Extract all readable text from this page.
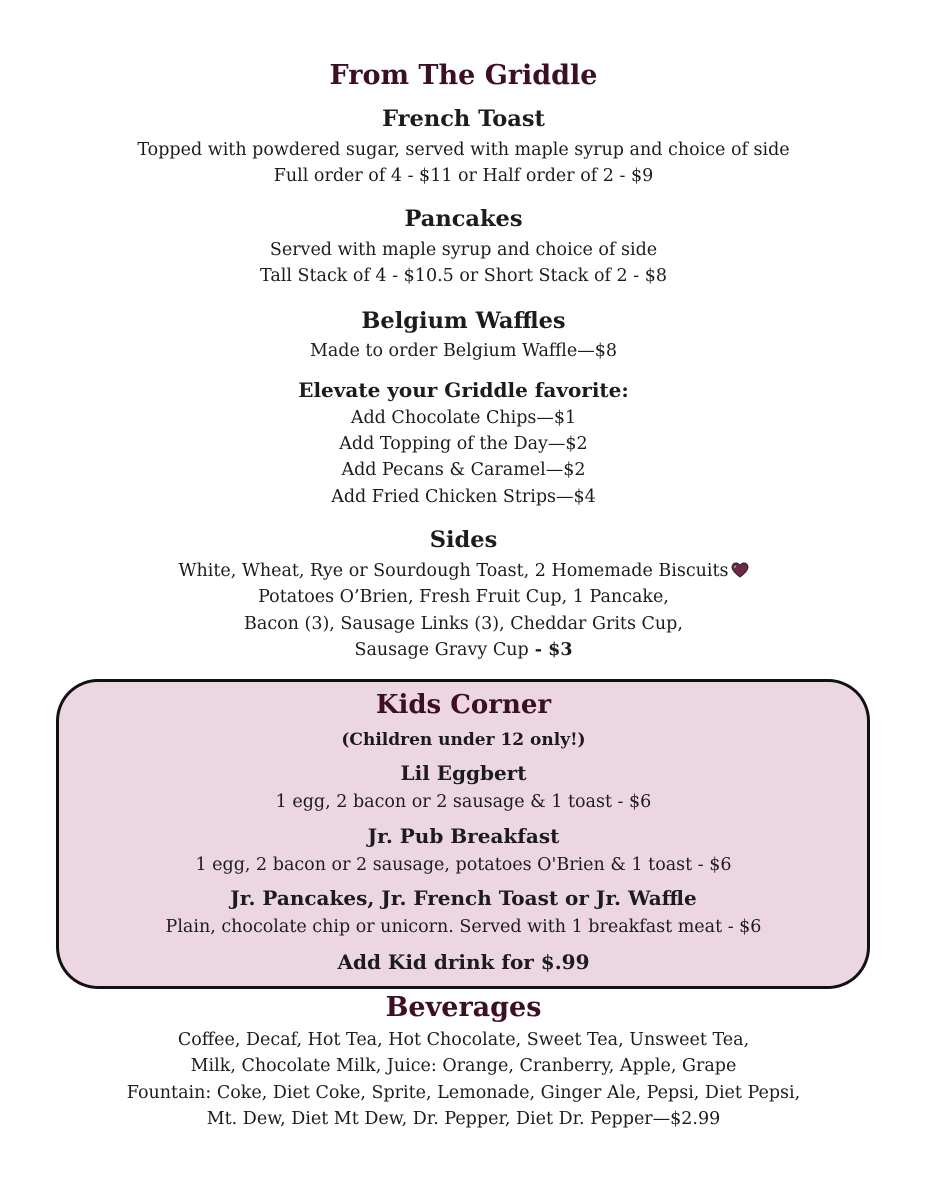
From The Griddle
French Toast
Topped with powdered sugar, served with maple syrup and choice of side
Full order of 4 - $11 or Half order of 2 - $9
Pancakes
Served with maple syrup and choice of side
Tall Stack of 4 - $10.5 or Short Stack of 2 - $8
Belgium Waffles
Made to order Belgium Waffle—$8
Elevate your Griddle favorite:
Add Chocolate Chips—$1
Add Topping of the Day—$2
Add Pecans & Caramel—$2
Add Fried Chicken Strips—$4
Sides
White, Wheat, Rye or Sourdough Toast, 2 Homemade Biscuits
Potatoes O’Brien, Fresh Fruit Cup, 1 Pancake,
Bacon (3), Sausage Links (3), Cheddar Grits Cup,
Sausage Gravy Cup - $3
Kids Corner
(Children under 12 only!)
Lil Eggbert
1 egg, 2 bacon or 2 sausage & 1 toast - $6
Jr. Pub Breakfast
1 egg, 2 bacon or 2 sausage, potatoes O'Brien & 1 toast - $6
Jr. Pancakes, Jr. French Toast or Jr. Waffle
Plain, chocolate chip or unicorn. Served with 1 breakfast meat - $6
Add Kid drink for $.99
Beverages
Coffee, Decaf, Hot Tea, Hot Chocolate, Sweet Tea, Unsweet Tea,
Milk, Chocolate Milk, Juice: Orange, Cranberry, Apple, Grape
Fountain: Coke, Diet Coke, Sprite, Lemonade, Ginger Ale, Pepsi, Diet Pepsi,
Mt. Dew, Diet Mt Dew, Dr. Pepper, Diet Dr. Pepper—$2.99
